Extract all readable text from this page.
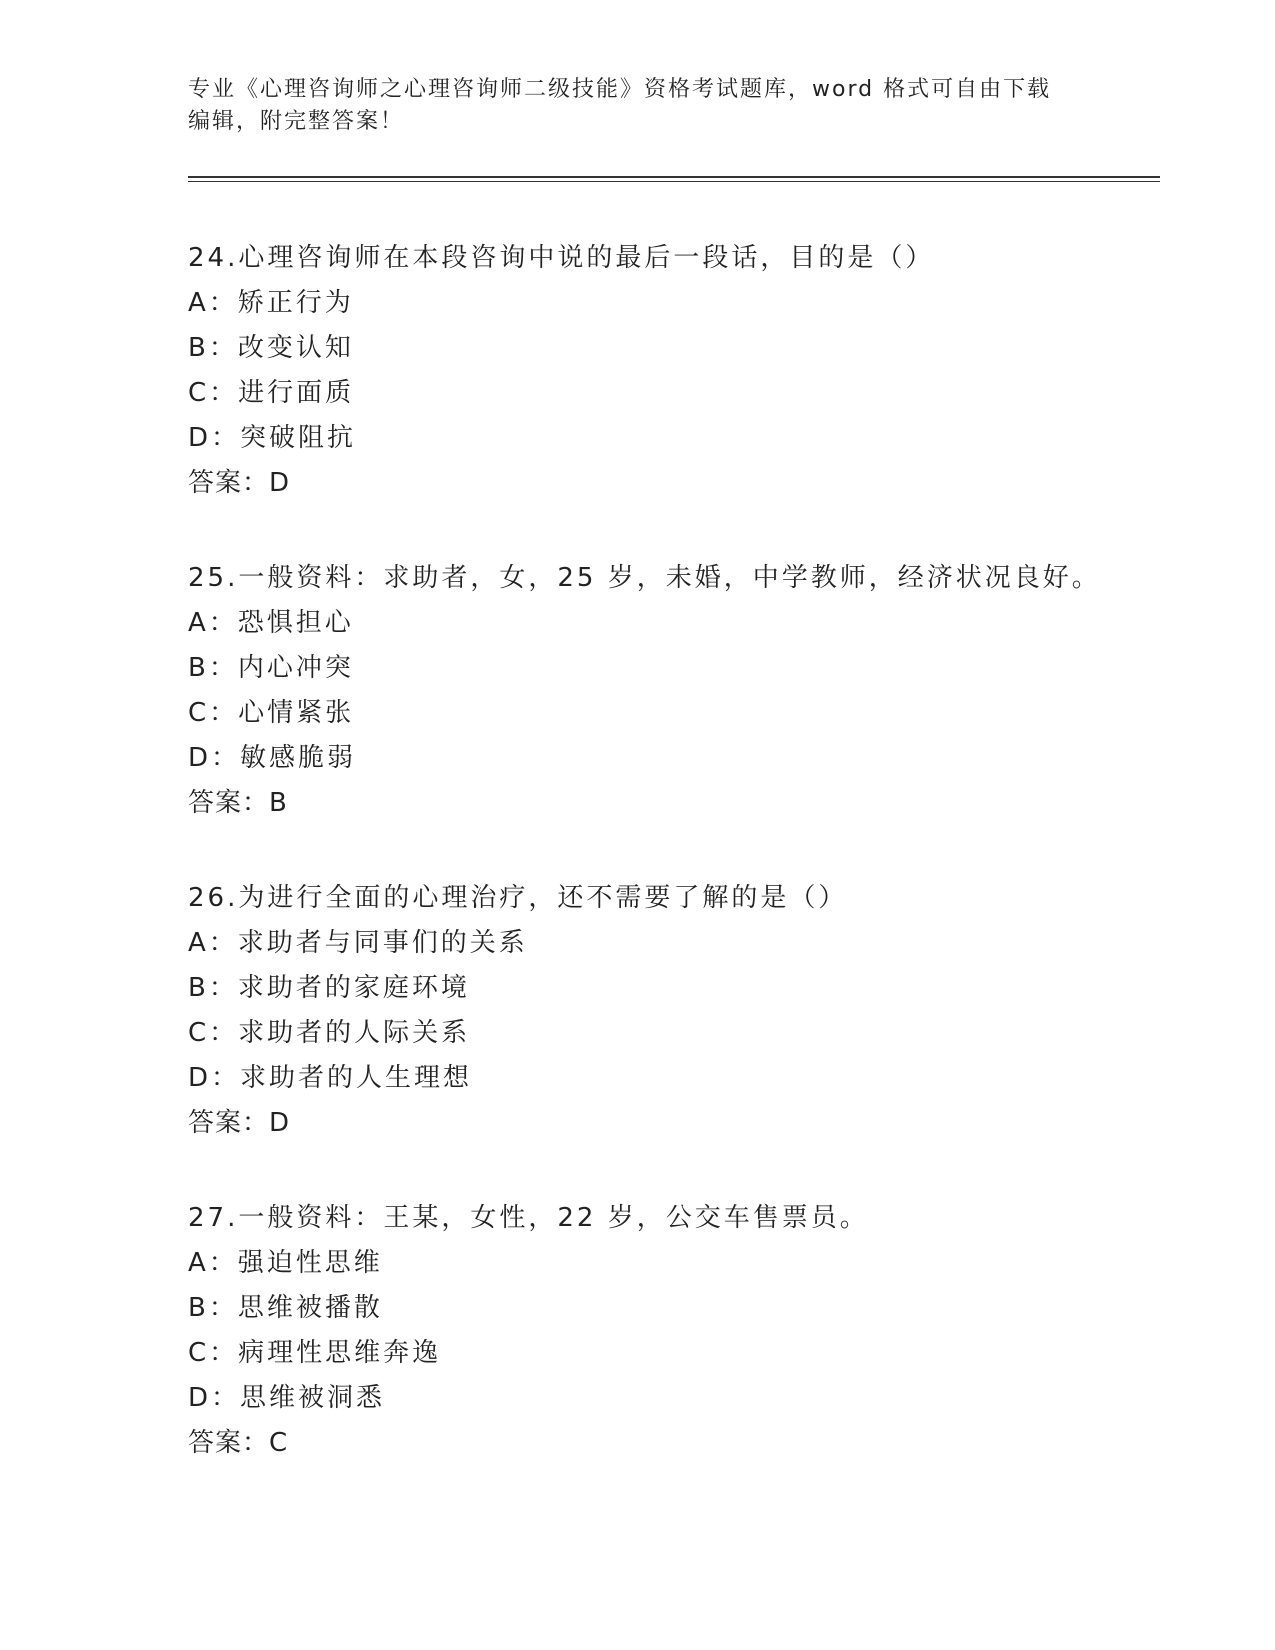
专业《心理咨询师之心理咨询师二级技能》资格考试题库，word 格式可自由下载
编辑，附完整答案！
24.心理咨询师在本段咨询中说的最后一段话，目的是（）
A：矫正行为
B：改变认知
C：进行面质
D：突破阻抗
答案：D
25.一般资料：求助者，女，25 岁，未婚，中学教师，经济状况良好。
A：恐惧担心
B：内心冲突
C：心情紧张
D：敏感脆弱
答案：B
26.为进行全面的心理治疗，还不需要了解的是（）
A：求助者与同事们的关系
B：求助者的家庭环境
C：求助者的人际关系
D：求助者的人生理想
答案：D
27.一般资料：王某，女性，22 岁，公交车售票员。
A：强迫性思维
B：思维被播散
C：病理性思维奔逸
D：思维被洞悉
答案：C
